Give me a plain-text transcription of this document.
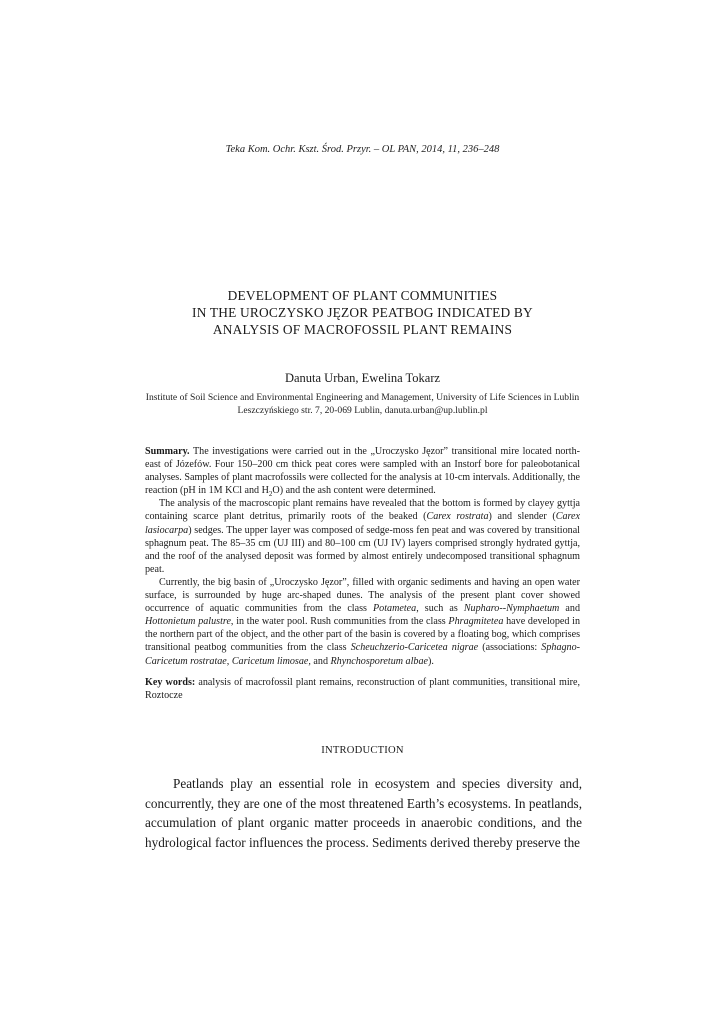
Teka Kom. Ochr. Kszt. Środ. Przyr. – OL PAN, 2014, 11, 236–248
DEVELOPMENT OF PLANT COMMUNITIES
IN THE UROCZYSKO JĘZOR PEATBOG INDICATED BY
ANALYSIS OF MACROFOSSIL PLANT REMAINS
Danuta Urban, Ewelina Tokarz
Institute of Soil Science and Environmental Engineering and Management, University of Life Sciences in Lublin
Leszczyńskiego str. 7, 20-069 Lublin, danuta.urban@up.lublin.pl

Summary. The investigations were carried out in the „Uroczysko Jęzor” transitional mire located north-east of Józefów. Four 150–200 cm thick peat cores were sampled with an Instorf bore for paleobotanical analyses. Samples of plant macrofossils were collected for the analysis at 10-cm intervals. Additionally, the reaction (pH in 1M KCl and $H_2O$) and the ash content were determined.

The analysis of the macroscopic plant remains have revealed that the bottom is formed by clayey gyttja containing scarce plant detritus, primarily roots of the beaked (Carex rostrata) and slender (Carex lasiocarpa) sedges. The upper layer was composed of sedge-moss fen peat and was covered by transitional sphagnum peat. The 85–35 cm (UJ III) and 80–100 cm (UJ IV) layers comprised strongly hydrated gyttja, and the roof of the analysed deposit was formed by almost entirely undecomposed transitional sphagnum peat.

Currently, the big basin of „Uroczysko Jęzor”, filled with organic sediments and having an open water surface, is surrounded by huge arc-shaped dunes. The analysis of the present plant cover showed occurrence of aquatic communities from the class Potametea, such as Nupharo--Nymphaetum and Hottonietum palustre, in the water pool. Rush communities from the class Phragmitetea have developed in the northern part of the object, and the other part of the basin is covered by a floating bog, which comprises transitional peatbog communities from the class Scheuchzerio-Caricetea nigrae (associations: Sphagno-Caricetum rostratae, Caricetum limosae, and Rhynchosporetum albae).

Key words: analysis of macrofossil plant remains, reconstruction of plant communities, transitional mire, Roztocze

INTRODUCTION

Peatlands play an essential role in ecosystem and species diversity and, concurrently, they are one of the most threatened Earth’s ecosystems. In peatlands, accumulation of plant organic matter proceeds in anaerobic conditions, and the hydrological factor influences the process. Sediments derived thereby preserve the
